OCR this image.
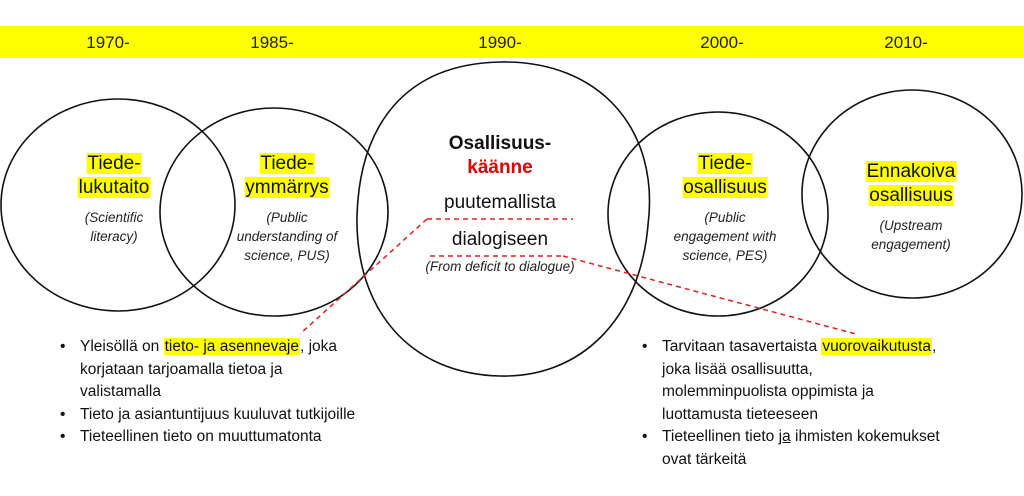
1970-	1985-	1990-	2000-	2010-
Tiede-
lukutaito
(Scientific
literacy)
Tiede-
ymmärrys
(Public
understanding of
science, PUS)
Osallisuus-
käänne
puutemallista
dialogiseen
(From deficit to dialogue)
Tiede-
osallisuus
(Public
engagement with
science, PES)
Ennakoiva
osallisuus
(Upstream
engagement)
• Yleisöllä on tieto- ja asennevaje, joka
korjataan tarjoamalla tietoa ja
valistamalla
• Tieto ja asiantuntijuus kuuluvat tutkijoille
• Tieteellinen tieto on muuttumatonta
• Tarvitaan tasavertaista vuorovaikutusta,
joka lisää osallisuutta,
molemminpuolista oppimista ja
luottamusta tieteeseen
• Tieteellinen tieto ja ihmisten kokemukset
ovat tärkeitä
